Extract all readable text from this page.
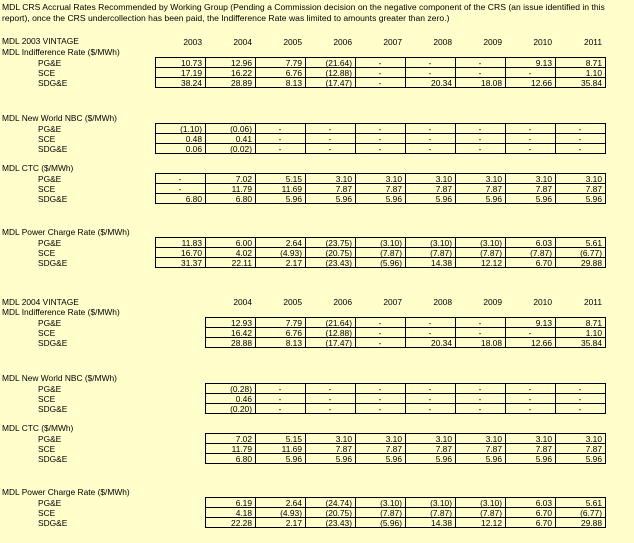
MDL CRS Accrual Rates Recommended by Working Group (Pending a Commission decision on the negative component of the CRS (an issue identified in this report), once the CRS undercollection has been paid, the Indifference Rate was limited to amounts greater than zero.)
MDL 2003 VINTAGE
MDL Indifference Rate ($/MWh)
2003	2004	2005	2006	2007	2008	2009	2010	2011
PG&E	10.73	12.96	7.79	(21.64)	-	-	-	9.13	8.71
SCE	17.19	16.22	6.76	(12.88)	-	-	-	-	1.10
SDG&E	38.24	28.89	8.13	(17.47)	-	20.34	18.08	12.66	35.84
MDL New World NBC ($/MWh)
PG&E	(1.10)	(0.06)	-	-	-	-	-	-	-
SCE	0.48	0.41	-	-	-	-	-	-	-
SDG&E	0.06	(0.02)	-	-	-	-	-	-	-
MDL CTC ($/MWh)
PG&E	-	7.02	5.15	3.10	3.10	3.10	3.10	3.10	3.10
SCE	-	11.79	11.69	7.87	7.87	7.87	7.87	7.87	7.87
SDG&E	6.80	6.80	5.96	5.96	5.96	5.96	5.96	5.96	5.96
MDL Power Charge Rate ($/MWh)
PG&E	11.83	6.00	2.64	(23.75)	(3.10)	(3.10)	(3.10)	6.03	5.61
SCE	16.70	4.02	(4.93)	(20.75)	(7.87)	(7.87)	(7.87)	(7.87)	(6.77)
SDG&E	31.37	22.11	2.17	(23.43)	(5.96)	14.38	12.12	6.70	29.88
MDL 2004 VINTAGE
MDL Indifference Rate ($/MWh)
2004	2005	2006	2007	2008	2009	2010	2011
PG&E	12.93	7.79	(21.64)	-	-	-	9.13	8.71
SCE	16.42	6.76	(12.88)	-	-	-	-	1.10
SDG&E	28.88	8.13	(17.47)	-	20.34	18.08	12.66	35.84
MDL New World NBC ($/MWh)
PG&E	(0.28)	-	-	-	-	-	-	-
SCE	0.46	-	-	-	-	-	-	-
SDG&E	(0.20)	-	-	-	-	-	-	-
MDL CTC ($/MWh)
PG&E	7.02	5.15	3.10	3.10	3.10	3.10	3.10	3.10
SCE	11.79	11.69	7.87	7.87	7.87	7.87	7.87	7.87
SDG&E	6.80	5.96	5.96	5.96	5.96	5.96	5.96	5.96
MDL Power Charge Rate ($/MWh)
PG&E	6.19	2.64	(24.74)	(3.10)	(3.10)	(3.10)	6.03	5.61
SCE	4.18	(4.93)	(20.75)	(7.87)	(7.87)	(7.87)	6.70	(6.77)
SDG&E	22.28	2.17	(23.43)	(5.96)	14.38	12.12	6.70	29.88
